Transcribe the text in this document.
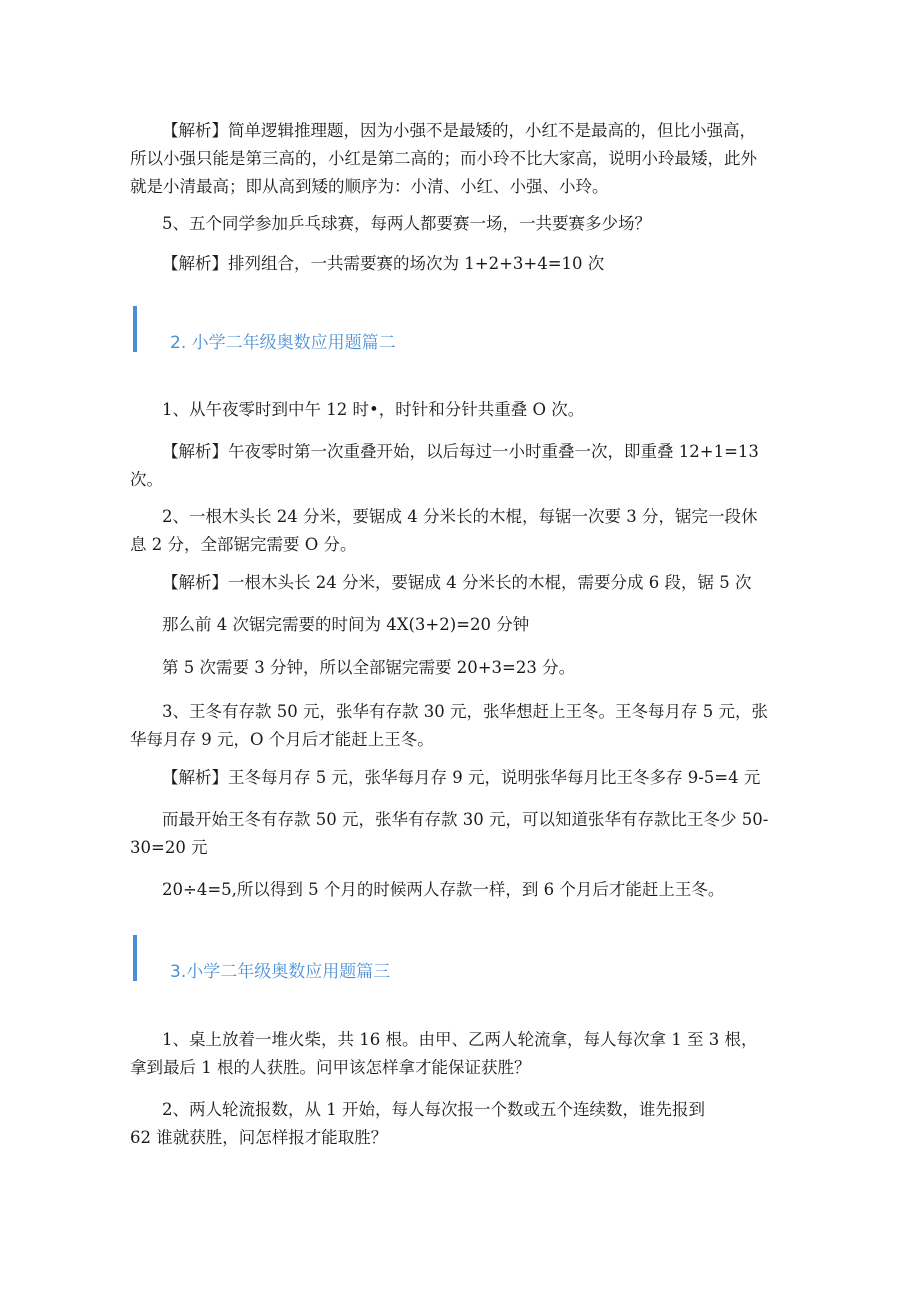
【解析】简单逻辑推理题，因为小强不是最矮的，小红不是最高的，但比小强高，所以小强只能是第三高的，小红是第二高的；而小玲不比大家高，说明小玲最矮，此外就是小清最高；即从高到矮的顺序为：小清、小红、小强、小玲。
5、五个同学参加乒乓球赛，每两人都要赛一场，一共要赛多少场？
【解析】排列组合，一共需要赛的场次为 1+2+3+4=10 次
2. 小学二年级奥数应用题篇二
1、从午夜零时到中午 12 时•，时针和分针共重叠 O 次。
【解析】午夜零时第一次重叠开始，以后每过一小时重叠一次，即重叠 12+1=13 次。
2、一根木头长 24 分米，要锯成 4 分米长的木棍，每锯一次要 3 分，锯完一段休息 2 分，全部锯完需要 O 分。
【解析】一根木头长 24 分米，要锯成 4 分米长的木棍，需要分成 6 段，锯 5 次
那么前 4 次锯完需要的时间为 4X(3+2)=20 分钟
第 5 次需要 3 分钟，所以全部锯完需要 20+3=23 分。
3、王冬有存款 50 元，张华有存款 30 元，张华想赶上王冬。王冬每月存 5 元，张华每月存 9 元，O 个月后才能赶上王冬。
【解析】王冬每月存 5 元，张华每月存 9 元，说明张华每月比王冬多存 9-5=4 元
而最开始王冬有存款 50 元，张华有存款 30 元，可以知道张华有存款比王冬少 50-30=20 元
20÷4=5,所以得到 5 个月的时候两人存款一样，到 6 个月后才能赶上王冬。
3.小学二年级奥数应用题篇三
1、桌上放着一堆火柴，共 16 根。由甲、乙两人轮流拿，每人每次拿 1 至 3 根，拿到最后 1 根的人获胜。问甲该怎样拿才能保证获胜？
2、两人轮流报数，从 1 开始，每人每次报一个数或五个连续数，谁先报到
62 谁就获胜，问怎样报才能取胜？
